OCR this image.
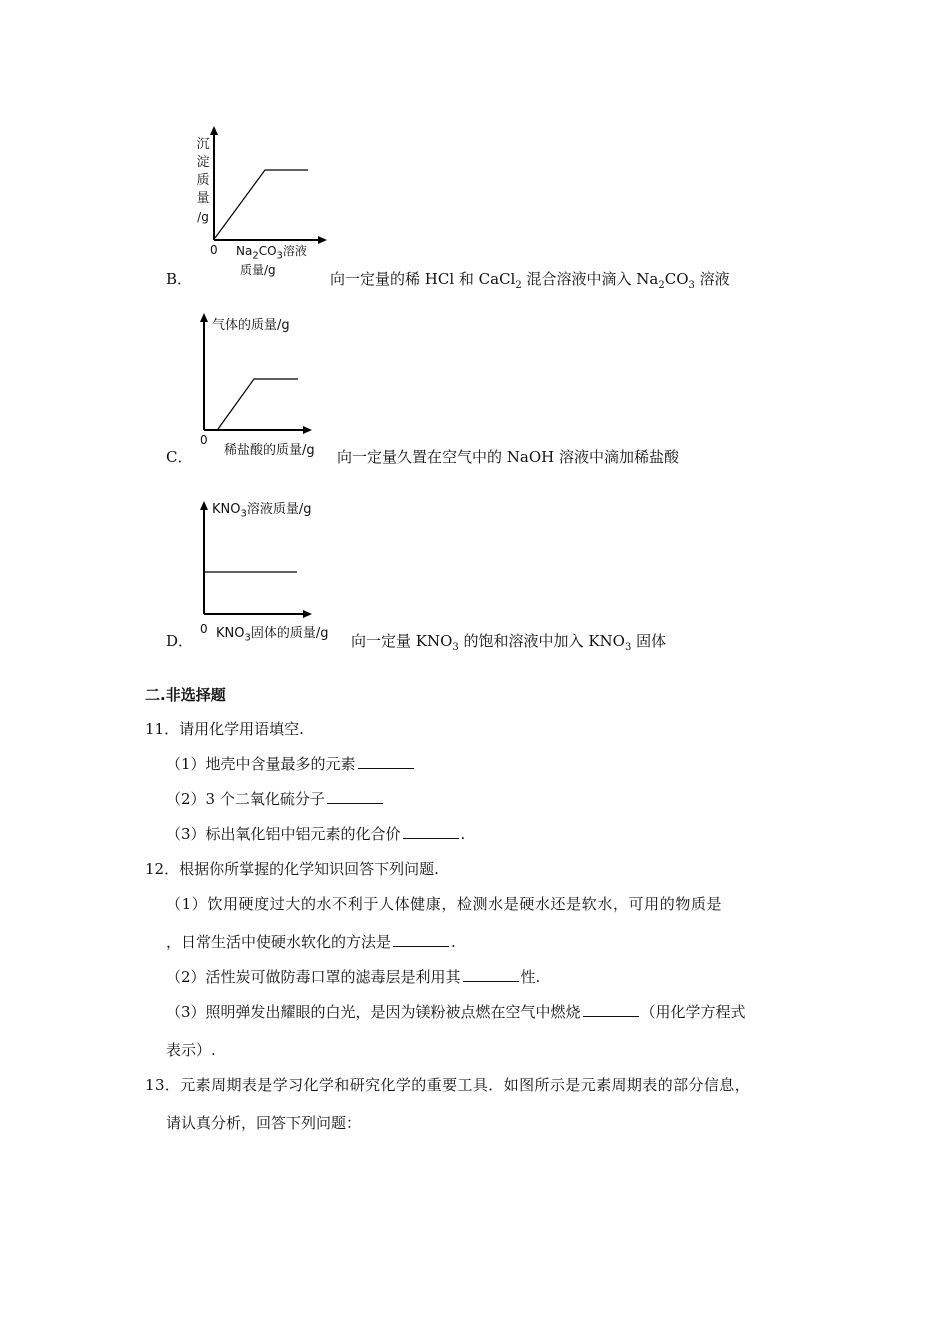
B．
沉
淀
质
量
/g
0 $Na_2CO_3$溶液
质量/g	向一定量的稀 HCl 和 CaCl$_2$ 混合溶液中滴入 $Na_2CO_3$ 溶液
C．
气体的质量/g
0
稀盐酸的质量/g 向一定量久置在空气中的 NaOH 溶液中滴加稀盐酸
D．
$KNO_3$溶液质量/g
0 $KNO_3$固体的质量/g 向一定量 $KNO_3$ 的饱和溶液中加入 $KNO_3$ 固体
二.非选择题
11．请用化学用语填空.
（1）地壳中含量最多的元素
（2）3 个二氧化硫分子
（3）标出氧化铝中铝元素的化合价	.
12．根据你所掌握的化学知识回答下列问题.
（1）饮用硬度过大的水不利于人体健康，检测水是硬水还是软水，可用的物质是
，日常生活中使硬水软化的方法是	.
（2）活性炭可做防毒口罩的滤毒层是利用其	性.
（3）照明弹发出耀眼的白光，是因为镁粉被点燃在空气中燃烧	（用化学方程式
表示）.
13．元素周期表是学习化学和研究化学的重要工具．如图所示是元素周期表的部分信息，
请认真分析，回答下列问题：
